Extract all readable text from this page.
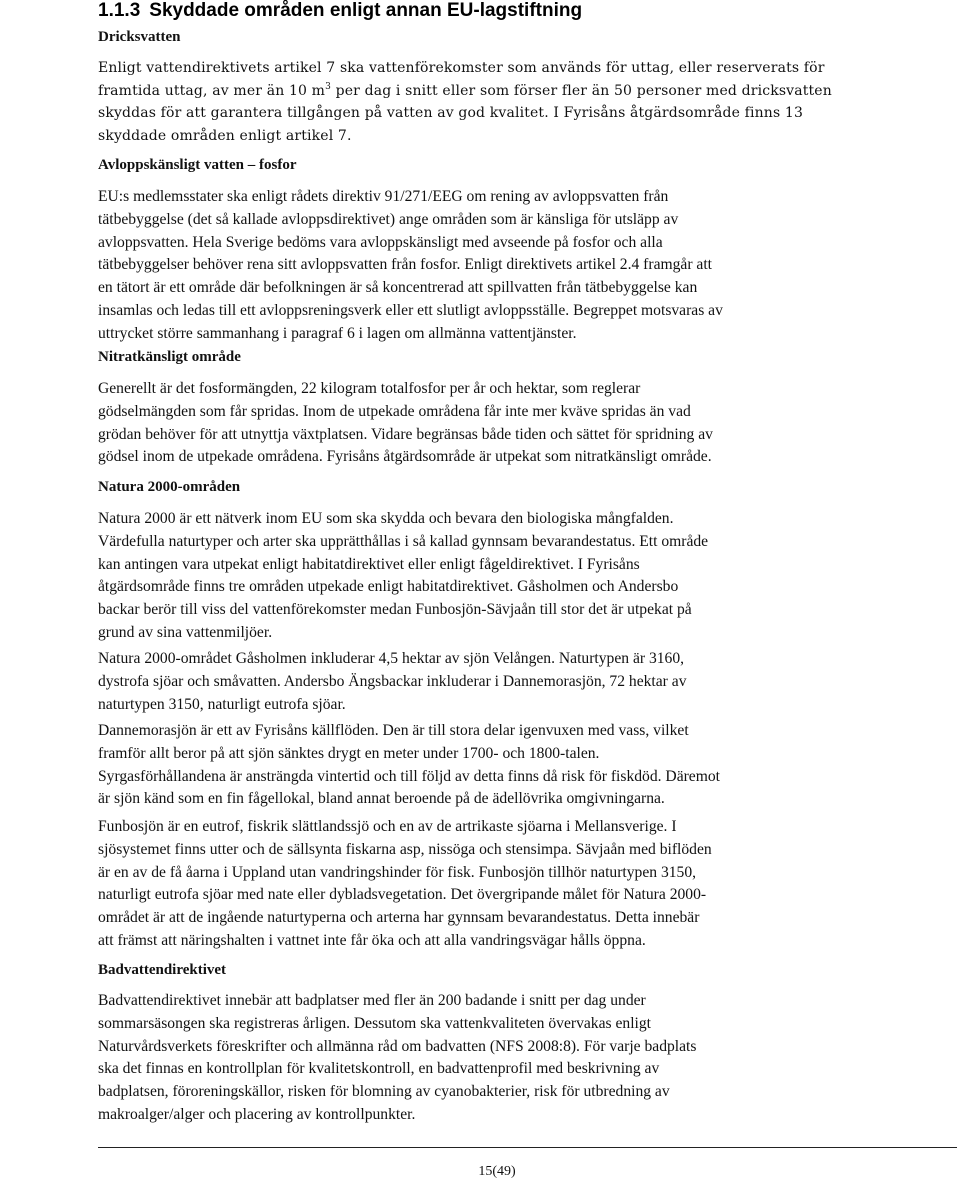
1.1.3 Skyddade områden enligt annan EU-lagstiftning
Dricksvatten
Enligt vattendirektivets artikel 7 ska vattenförekomster som används för uttag, eller reserverats för
framtida uttag, av mer än 10 $m^3$ per dag i snitt eller som förser fler än 50 personer med dricksvatten
skyddas för att garantera tillgången på vatten av god kvalitet. I Fyrisåns åtgärdsområde finns 13
skyddade områden enligt artikel 7.
Avloppskänsligt vatten – fosfor
EU:s medlemsstater ska enligt rådets direktiv 91/271/EEG om rening av avloppsvatten från
tätbebyggelse (det så kallade avloppsdirektivet) ange områden som är känsliga för utsläpp av
avloppsvatten. Hela Sverige bedöms vara avloppskänsligt med avseende på fosfor och alla
tätbebyggelser behöver rena sitt avloppsvatten från fosfor. Enligt direktivets artikel 2.4 framgår att
en tätort är ett område där befolkningen är så koncentrerad att spillvatten från tätbebyggelse kan
insamlas och ledas till ett avloppsreningsverk eller ett slutligt avloppsställe. Begreppet motsvaras av
uttrycket större sammanhang i paragraf 6 i lagen om allmänna vattentjänster.
Nitratkänsligt område
Generellt är det fosformängden, 22 kilogram totalfosfor per år och hektar, som reglerar
gödselmängden som får spridas. Inom de utpekade områdena får inte mer kväve spridas än vad
grödan behöver för att utnyttja växtplatsen. Vidare begränsas både tiden och sättet för spridning av
gödsel inom de utpekade områdena. Fyrisåns åtgärdsområde är utpekat som nitratkänsligt område.
Natura 2000-områden
Natura 2000 är ett nätverk inom EU som ska skydda och bevara den biologiska mångfalden.
Värdefulla naturtyper och arter ska upprätthållas i så kallad gynnsam bevarandestatus. Ett område
kan antingen vara utpekat enligt habitatdirektivet eller enligt fågeldirektivet. I Fyrisåns
åtgärdsområde finns tre områden utpekade enligt habitatdirektivet. Gåsholmen och Andersbo
backar berör till viss del vattenförekomster medan Funbosjön-Sävjaån till stor det är utpekat på
grund av sina vattenmiljöer.
Natura 2000-området Gåsholmen inkluderar 4,5 hektar av sjön Velången. Naturtypen är 3160,
dystrofa sjöar och småvatten. Andersbo Ängsbackar inkluderar i Dannemorasjön, 72 hektar av
naturtypen 3150, naturligt eutrofa sjöar.
Dannemorasjön är ett av Fyrisåns källflöden. Den är till stora delar igenvuxen med vass, vilket
framför allt beror på att sjön sänktes drygt en meter under 1700- och 1800-talen.
Syrgasförhållandena är ansträngda vintertid och till följd av detta finns då risk för fiskdöd. Däremot
är sjön känd som en fin fågellokal, bland annat beroende på de ädellövrika omgivningarna.
Funbosjön är en eutrof, fiskrik slättlandssjö och en av de artrikaste sjöarna i Mellansverige. I
sjösystemet finns utter och de sällsynta fiskarna asp, nissöga och stensimpa. Sävjaån med biflöden
är en av de få åarna i Uppland utan vandringshinder för fisk. Funbosjön tillhör naturtypen 3150,
naturligt eutrofa sjöar med nate eller dybladsvegetation. Det övergripande målet för Natura 2000-
området är att de ingående naturtyperna och arterna har gynnsam bevarandestatus. Detta innebär
att främst att näringshalten i vattnet inte får öka och att alla vandringsvägar hålls öppna.
Badvattendirektivet
Badvattendirektivet innebär att badplatser med fler än 200 badande i snitt per dag under
sommarsäsongen ska registreras årligen. Dessutom ska vattenkvaliteten övervakas enligt
Naturvårdsverkets föreskrifter och allmänna råd om badvatten (NFS 2008:8). För varje badplats
ska det finnas en kontrollplan för kvalitetskontroll, en badvattenprofil med beskrivning av
badplatsen, föroreningskällor, risken för blomning av cyanobakterier, risk för utbredning av
makroalger/alger och placering av kontrollpunkter.

15(49)
